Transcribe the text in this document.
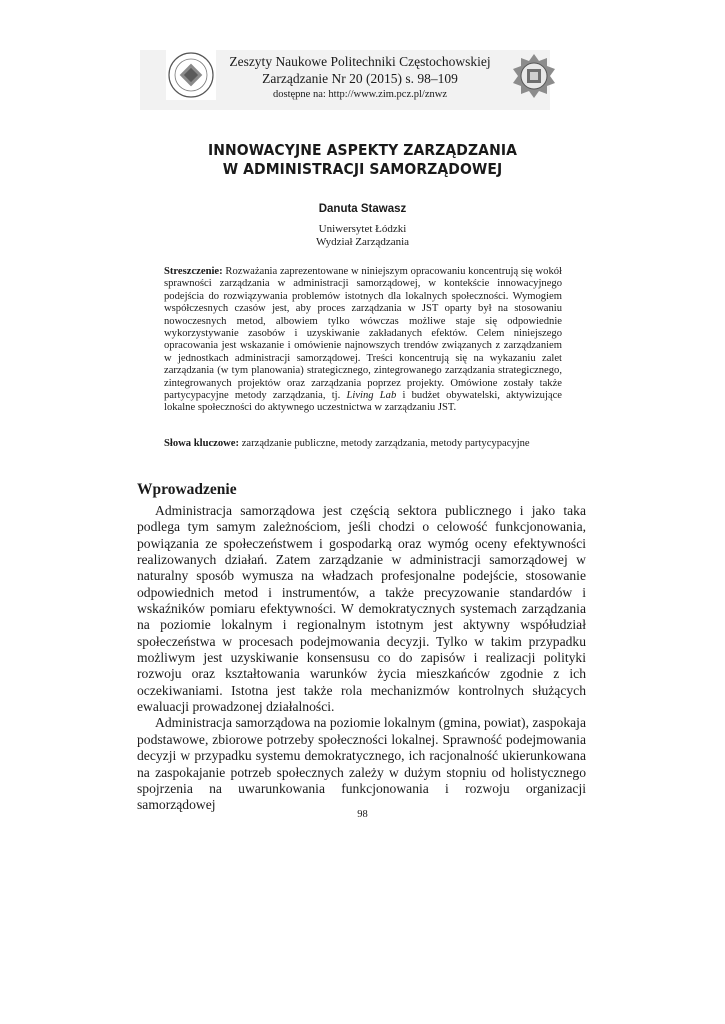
Zeszyty Naukowe Politechniki Częstochowskiej
Zarządzanie Nr 20 (2015) s. 98–109
dostępne na: http://www.zim.pcz.pl/znwz
INNOWACYJNE ASPEKTY ZARZĄDZANIA
W ADMINISTRACJI SAMORZĄDOWEJ
Danuta Stawasz
Uniwersytet Łódzki
Wydział Zarządzania
Streszczenie: Rozważania zaprezentowane w niniejszym opracowaniu koncentrują się wokół sprawności zarządzania w administracji samorządowej, w kontekście innowacyjnego podejścia do rozwiązywania problemów istotnych dla lokalnych społeczności. Wymogiem współczesnych czasów jest, aby proces zarządzania w JST oparty był na stosowaniu nowoczesnych metod, albowiem tylko wówczas możliwe staje się odpowiednie wykorzystywanie zasobów i uzyskiwanie zakładanych efektów. Celem niniejszego opracowania jest wskazanie i omówienie najnowszych trendów związanych z zarządzaniem w jednostkach administracji samorządowej. Treści koncentrują się na wykazaniu zalet zarządzania (w tym planowania) strategicznego, zintegrowanego zarządzania strategicznego, zintegrowanych projektów oraz zarządzania poprzez projekty. Omówione zostały także partycypacyjne metody zarządzania, tj. Living Lab i budżet obywatelski, aktywizujące lokalne społeczności do aktywnego uczestnictwa w zarządzaniu JST.
Słowa kluczowe: zarządzanie publiczne, metody zarządzania, metody partycypacyjne
Wprowadzenie

Administracja samorządowa jest częścią sektora publicznego i jako taka podlega tym samym zależnościom, jeśli chodzi o celowość funkcjonowania, powiązania ze społeczeństwem i gospodarką oraz wymóg oceny efektywności realizowanych działań. Zatem zarządzanie w administracji samorządowej w naturalny sposób wymusza na władzach profesjonalne podejście, stosowanie odpowiednich metod i instrumentów, a także precyzowanie standardów i wskaźników pomiaru efektywności. W demokratycznych systemach zarządzania na poziomie lokalnym i regionalnym istotnym jest aktywny współudział społeczeństwa w procesach podejmowania decyzji. Tylko w takim przypadku możliwym jest uzyskiwanie konsensusu co do zapisów i realizacji polityki rozwoju oraz kształtowania warunków życia mieszkańców zgodnie z ich oczekiwaniami. Istotna jest także rola mechanizmów kontrolnych służących ewaluacji prowadzonej działalności.

Administracja samorządowa na poziomie lokalnym (gmina, powiat), zaspokaja podstawowe, zbiorowe potrzeby społeczności lokalnej. Sprawność podejmowania decyzji w przypadku systemu demokratycznego, ich racjonalność ukierunkowana na zaspokajanie potrzeb społecznych zależy w dużym stopniu od holistycznego spojrzenia na uwarunkowania funkcjonowania i rozwoju organizacji samorządowej

98
